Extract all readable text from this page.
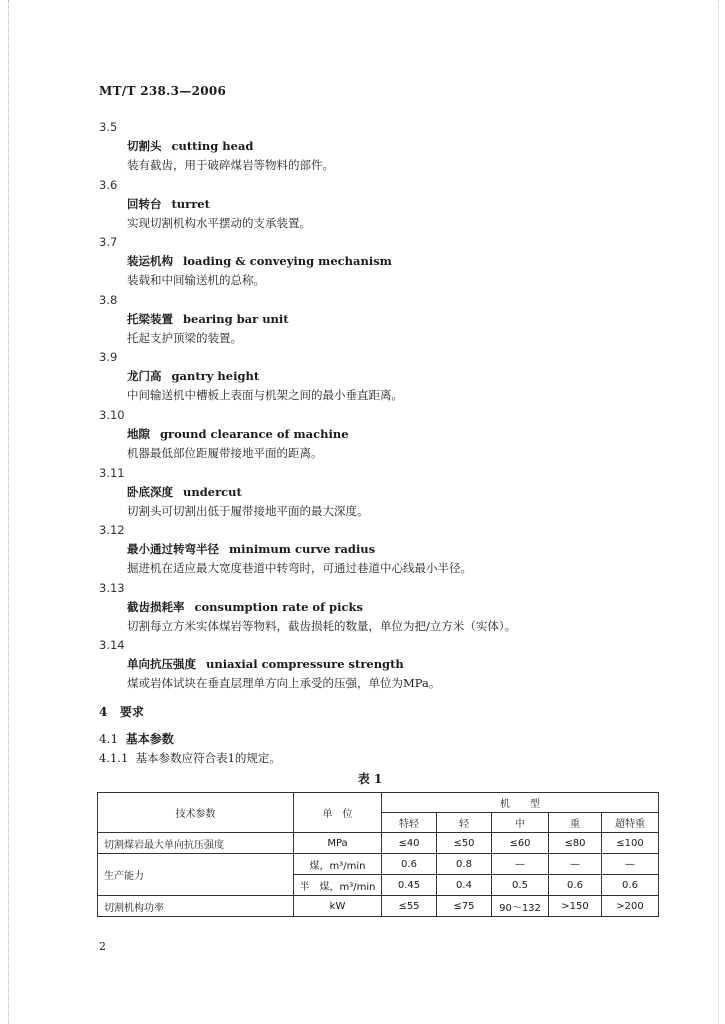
MT/T 238.3—2006
3.5
切割头 cutting head
装有截齿，用于破碎煤岩等物料的部件。
3.6
回转台 turret
实现切割机构水平摆动的支承装置。
3.7
装运机构 loading & conveying mechanism
装载和中间输送机的总称。
3.8
托梁装置 bearing bar unit
托起支护顶梁的装置。
3.9
龙门高 gantry height
中间输送机中槽板上表面与机架之间的最小垂直距离。
3.10
地隙 ground clearance of machine
机器最低部位距履带接地平面的距离。
3.11
卧底深度 undercut
切割头可切割出低于履带接地平面的最大深度。
3.12
最小通过转弯半径 minimum curve radius
掘进机在适应最大宽度巷道中转弯时，可通过巷道中心线最小半径。
3.13
截齿损耗率 consumption rate of picks
切割每立方米实体煤岩等物料，截齿损耗的数量，单位为把/立方米（实体）。
3.14
单向抗压强度 uniaxial compressure strength
煤或岩体试块在垂直层理单方向上承受的压强，单位为MPa。
4 要求
4.1 基本参数
4.1.1 基本参数应符合表1的规定。
表 1
技术参数	单　位	机　　型				
		特轻	轻	中	重	超特重
切割煤岩最大单向抗压强度	MPa	≤40	≤50	≤60	≤80	≤100
生产能力	煤，m³/min	0.6	0.8	—	—	—
	半　煤，m³/min	0.45	0.4	0.5	0.6	0.6
切割机构功率	kW	≤55	≤75	90～132	>150	>200
2
